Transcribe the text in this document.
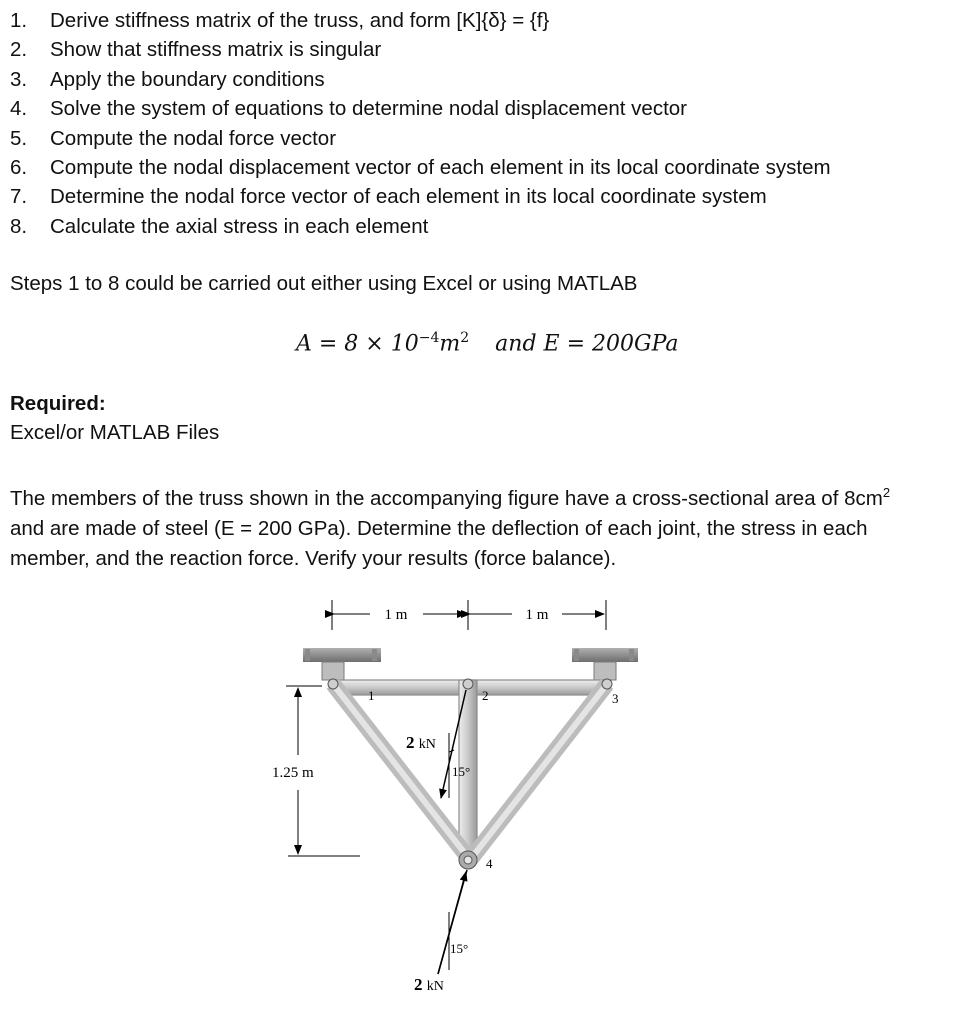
1. Derive stiffness matrix of the truss, and form [K]{δ} = {f}
2. Show that stiffness matrix is singular
3. Apply the boundary conditions
4. Solve the system of equations to determine nodal displacement vector
5. Compute the nodal force vector
6. Compute the nodal displacement vector of each element in its local coordinate system
7. Determine the nodal force vector of each element in its local coordinate system
8. Calculate the axial stress in each element
Steps 1 to 8 could be carried out either using Excel or using MATLAB
$A = 8 \times 10^{-4}m^2$ and E = 200GPa
Required:
Excel/or MATLAB Files

The members of the truss shown in the accompanying figure have a cross-sectional area of $8cm^2$

and are made of steel (E = 200 GPa). Determine the deflection of each joint, the stress in each

member, and the reaction force. Verify your results (force balance).

1 m	1 m
1.25 m
1	2	3
4
2 kN
15°
15°
2 kN
